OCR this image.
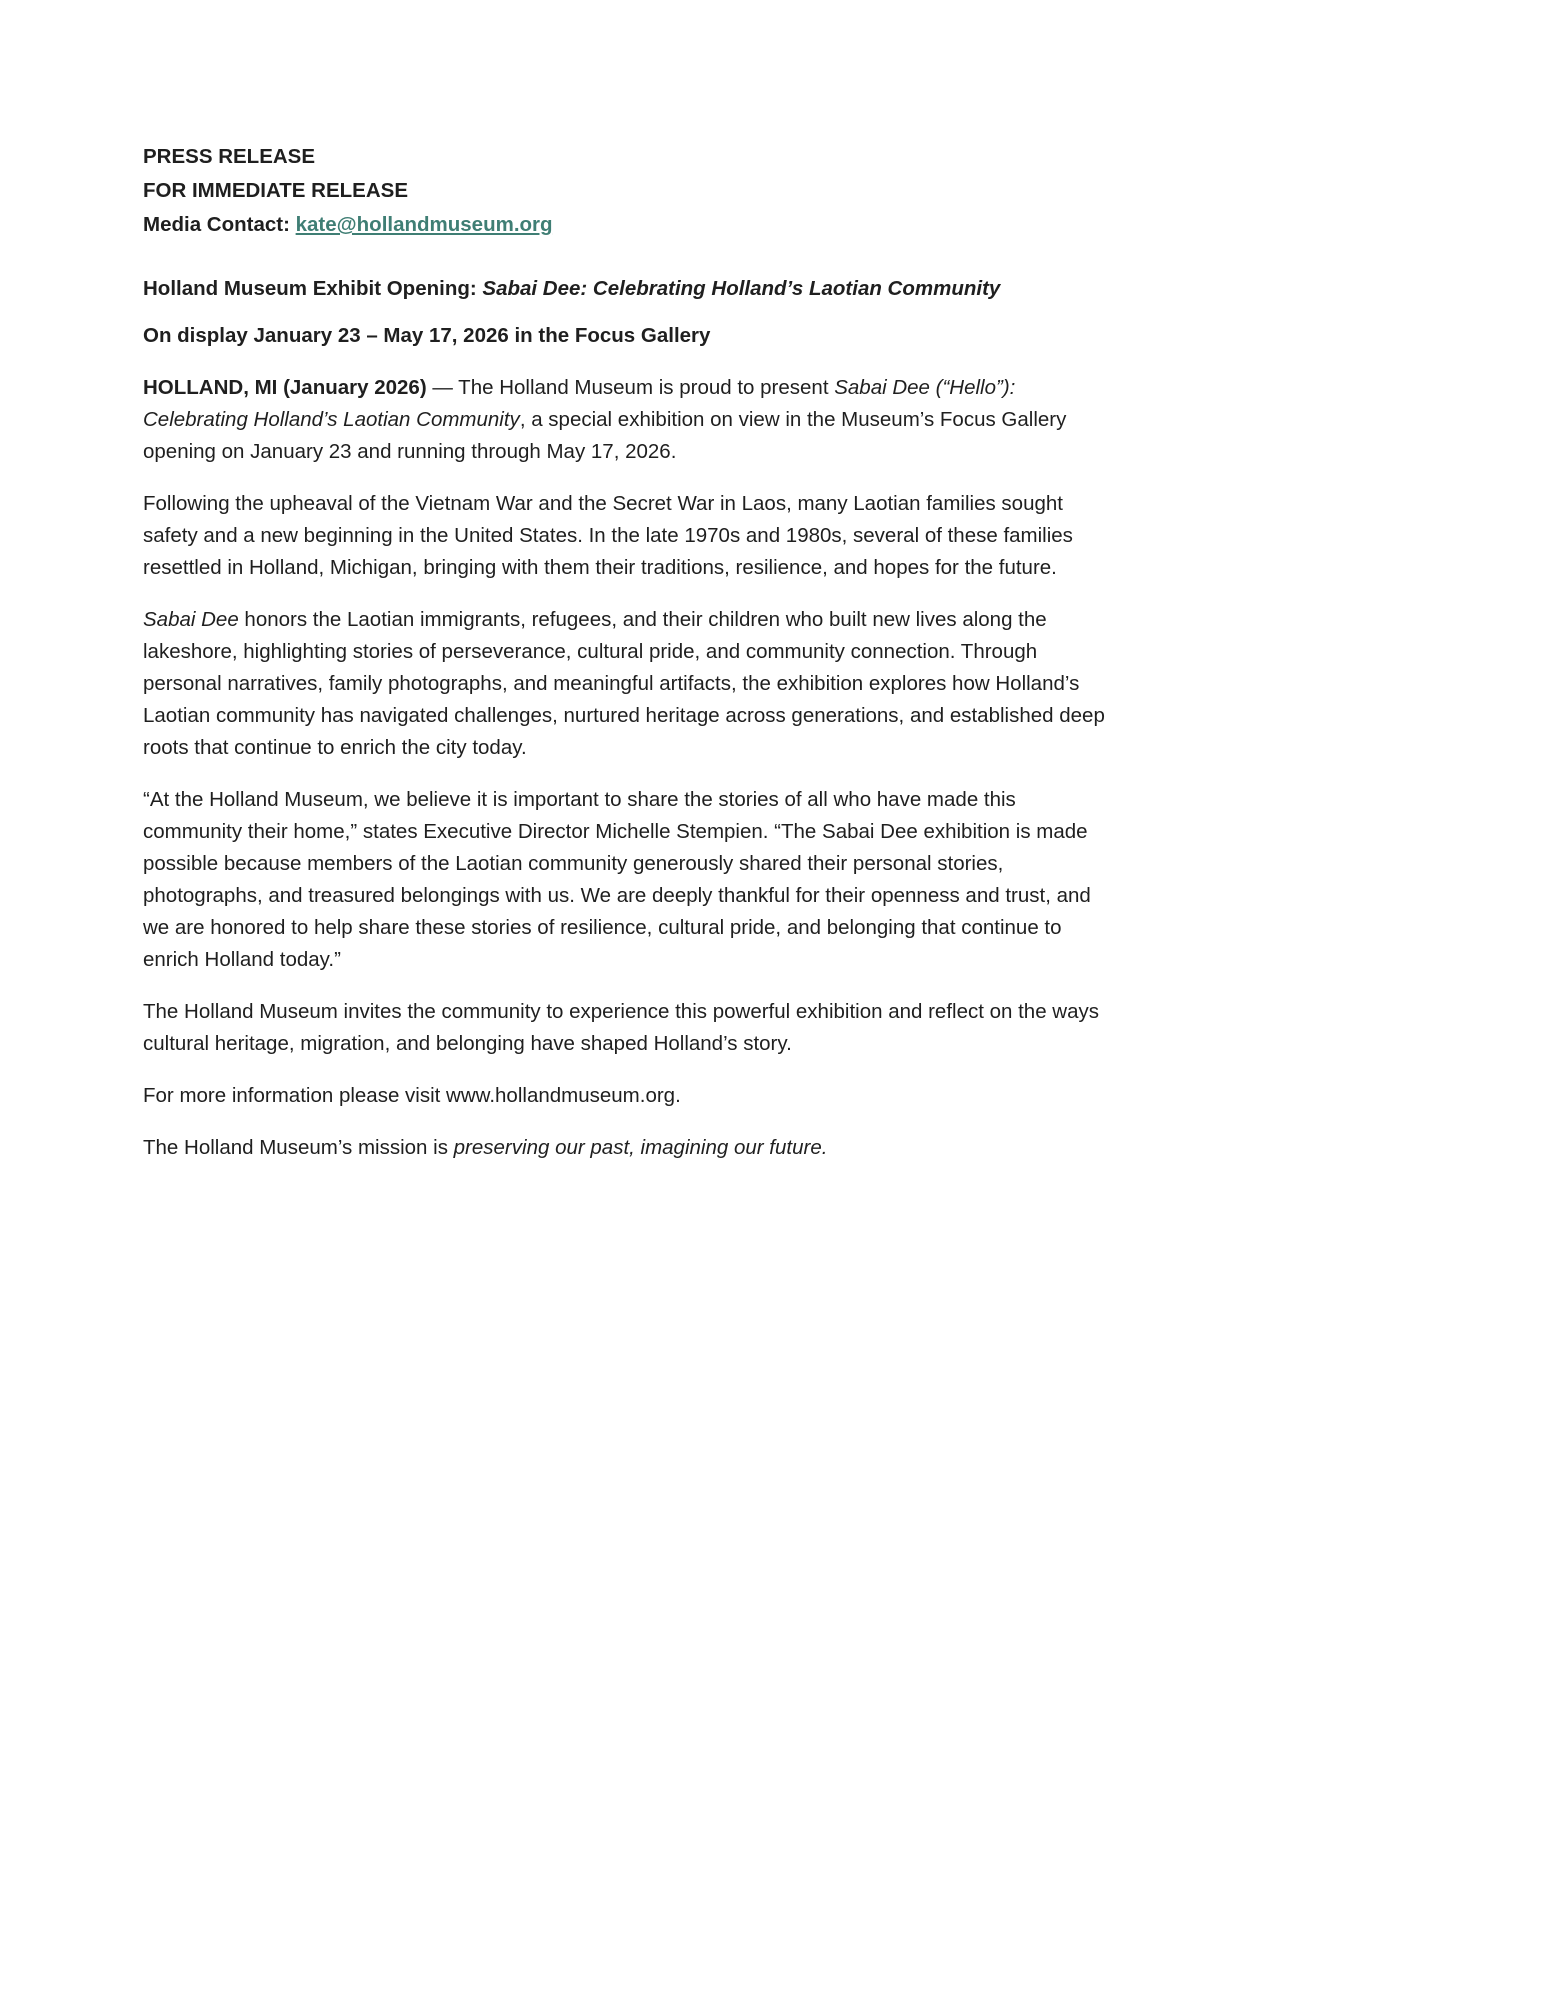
PRESS RELEASE

FOR IMMEDIATE RELEASE

Media Contact: kate@hollandmuseum.org

Holland Museum Exhibit Opening: Sabai Dee: Celebrating Holland’s Laotian Community

On display January 23 – May 17, 2026 in the Focus Gallery

HOLLAND, MI (January 2026) — The Holland Museum is proud to present Sabai Dee (“Hello”): Celebrating Holland’s Laotian Community, a special exhibition on view in the Museum’s Focus Gallery opening on January 23 and running through May 17, 2026.

Following the upheaval of the Vietnam War and the Secret War in Laos, many Laotian families sought safety and a new beginning in the United States. In the late 1970s and 1980s, several of these families resettled in Holland, Michigan, bringing with them their traditions, resilience, and hopes for the future.

Sabai Dee honors the Laotian immigrants, refugees, and their children who built new lives along the lakeshore, highlighting stories of perseverance, cultural pride, and community connection. Through personal narratives, family photographs, and meaningful artifacts, the exhibition explores how Holland’s Laotian community has navigated challenges, nurtured heritage across generations, and established deep roots that continue to enrich the city today.

“At the Holland Museum, we believe it is important to share the stories of all who have made this community their home,” states Executive Director Michelle Stempien. “The Sabai Dee exhibition is made possible because members of the Laotian community generously shared their personal stories, photographs, and treasured belongings with us. We are deeply thankful for their openness and trust, and we are honored to help share these stories of resilience, cultural pride, and belonging that continue to enrich Holland today.”

The Holland Museum invites the community to experience this powerful exhibition and reflect on the ways cultural heritage, migration, and belonging have shaped Holland’s story.

For more information please visit www.hollandmuseum.org.

The Holland Museum’s mission is preserving our past, imagining our future.
